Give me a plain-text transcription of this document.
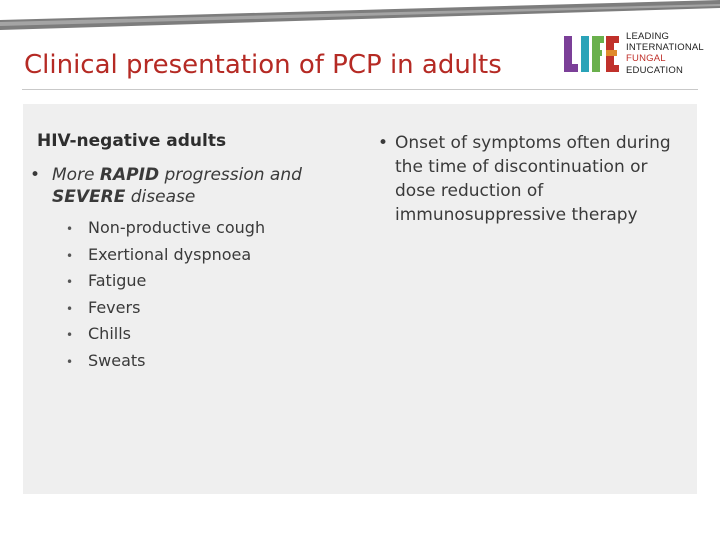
Clinical presentation of PCP in adults
LEADING
INTERNATIONAL
FUNGAL
EDUCATION

HIV-negative adults

• More RAPID progression and SEVERE disease
• Non-productive cough
• Exertional dyspnoea
• Fatigue
• Fevers
• Chills
• Sweats
• Onset of symptoms often during the time of discontinuation or dose reduction of immunosuppressive therapy
